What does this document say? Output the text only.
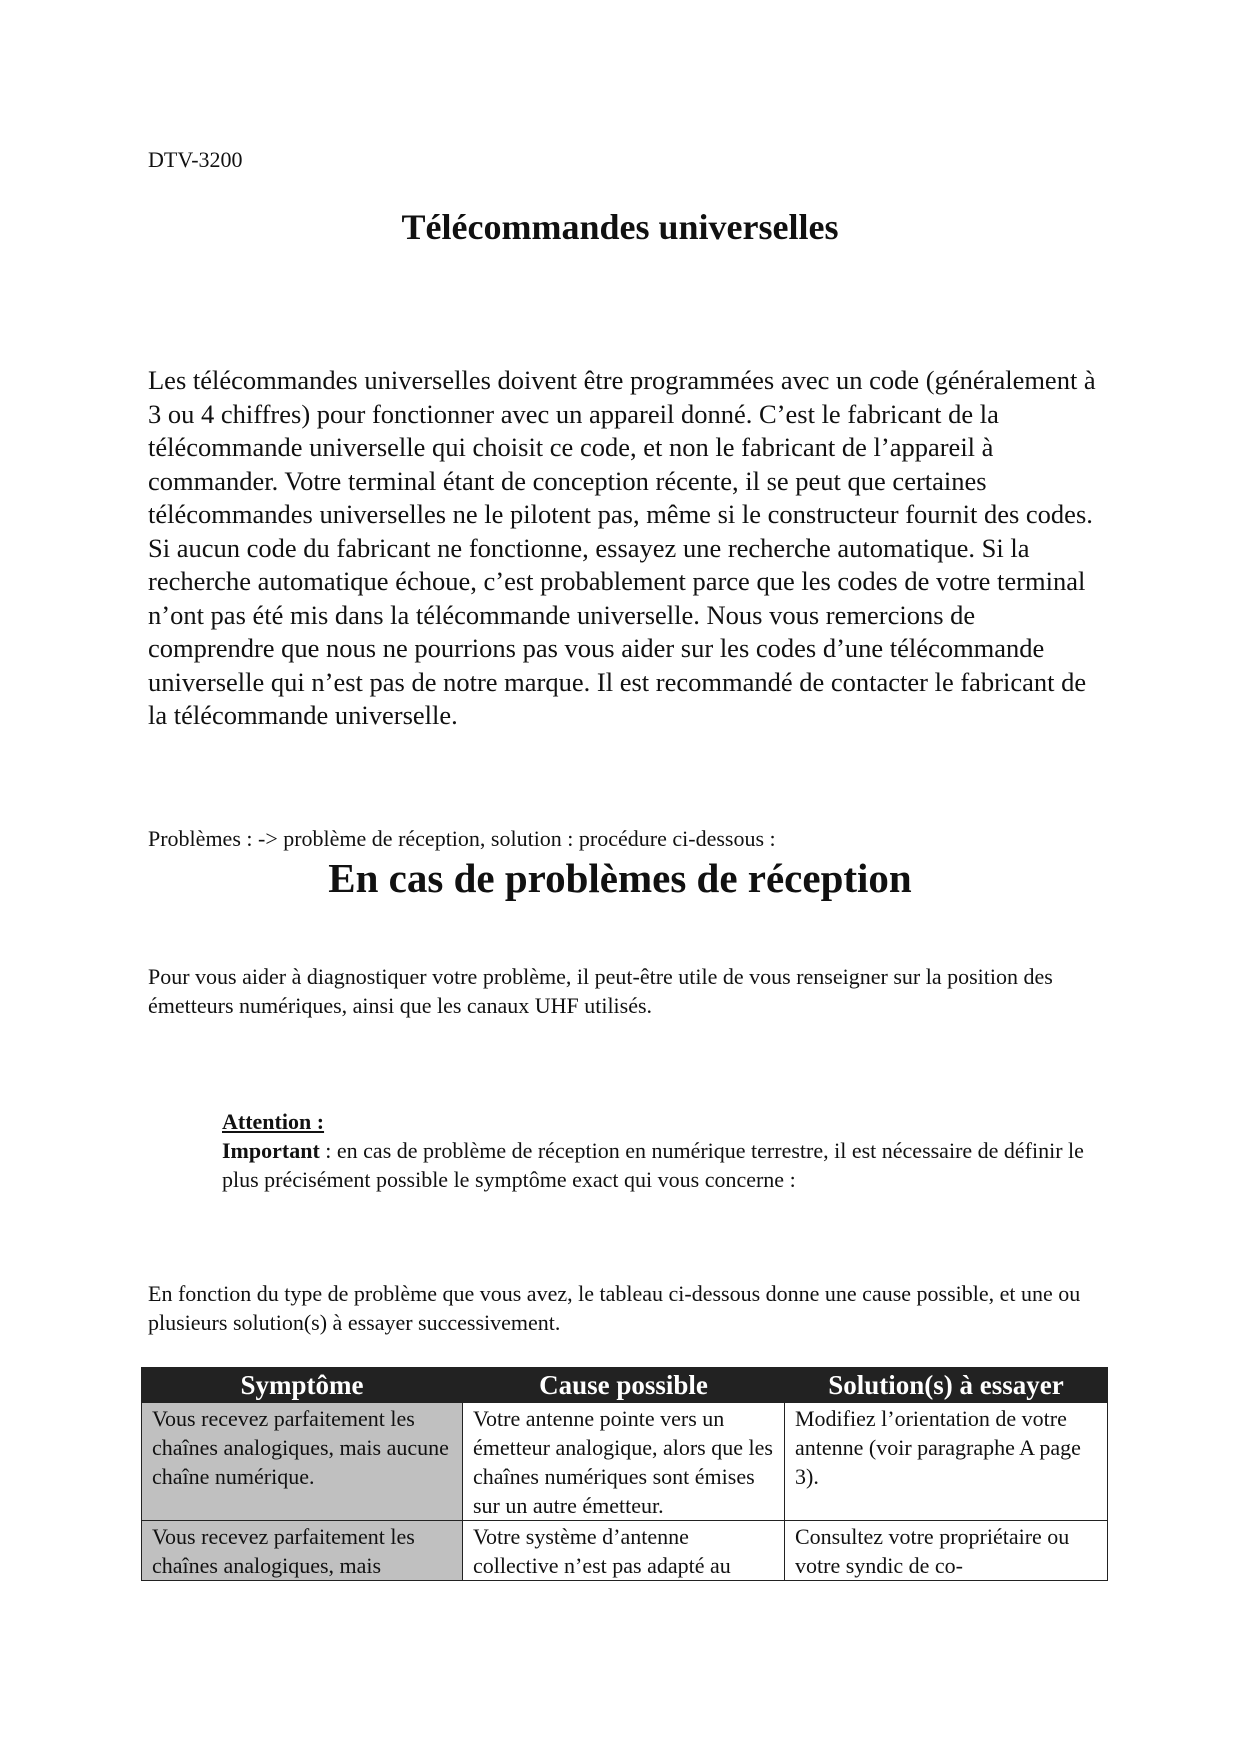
DTV-3200
Télécommandes universelles
Les télécommandes universelles doivent être programmées avec un code (généralement à 3 ou 4 chiffres) pour fonctionner avec un appareil donné. C’est le fabricant de la télécommande universelle qui choisit ce code, et non le fabricant de l’appareil à commander. Votre terminal étant de conception récente, il se peut que certaines télécommandes universelles ne le pilotent pas, même si le constructeur fournit des codes. Si aucun code du fabricant ne fonctionne, essayez une recherche automatique. Si la recherche automatique échoue, c’est probablement parce que les codes de votre terminal n’ont pas été mis dans la télécommande universelle. Nous vous remercions de comprendre que nous ne pourrions pas vous aider sur les codes d’une télécommande universelle qui n’est pas de notre marque. Il est recommandé de contacter le fabricant de la télécommande universelle.
Problèmes : -> problème de réception, solution : procédure ci-dessous :
En cas de problèmes de réception
Pour vous aider à diagnostiquer votre problème, il peut-être utile de vous renseigner sur la position des émetteurs numériques, ainsi que les canaux UHF utilisés.
Attention :
Important : en cas de problème de réception en numérique terrestre, il est nécessaire de définir le plus précisément possible le symptôme exact qui vous concerne :
En fonction du type de problème que vous avez, le tableau ci-dessous donne une cause possible, et une ou plusieurs solution(s) à essayer successivement.
Symptôme	Cause possible	Solution(s) à essayer
Vous recevez parfaitement les chaînes analogiques, mais aucune chaîne numérique.	Votre antenne pointe vers un émetteur analogique, alors que les chaînes numériques sont émises sur un autre émetteur.	Modifiez l’orientation de votre antenne (voir paragraphe A page 3).
Vous recevez parfaitement les chaînes analogiques, mais	Votre système d’antenne collective n’est pas adapté au	Consultez votre propriétaire ou votre syndic de co-
